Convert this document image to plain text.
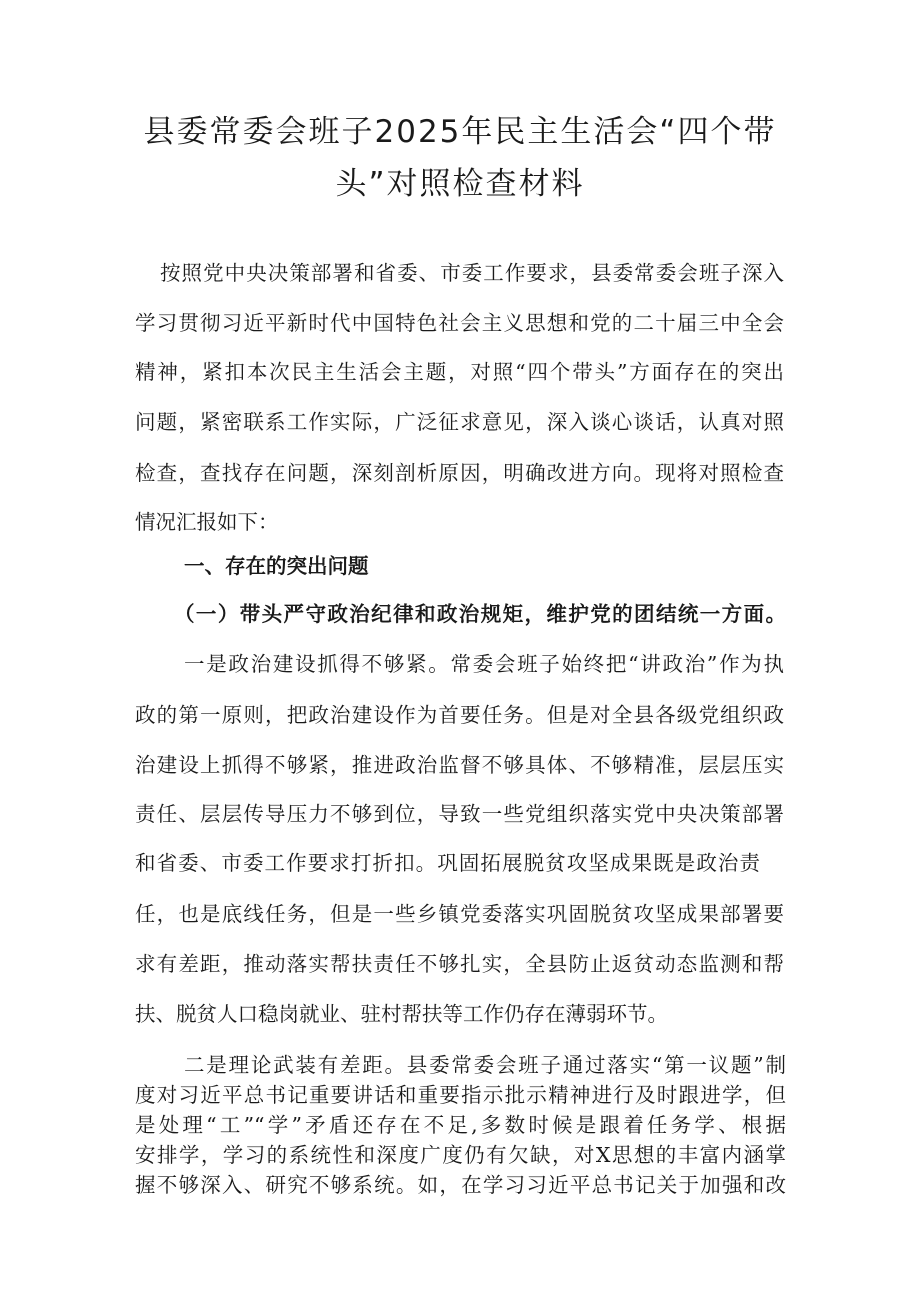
县委常委会班子2025年民主生活会“四个带
头”对照检查材料
按照党中央决策部署和省委、市委工作要求，县委常委会班子深入
学习贯彻习近平新时代中国特色社会主义思想和党的二十届三中全会
精神，紧扣本次民主生活会主题，对照“四个带头”方面存在的突出
问题，紧密联系工作实际，广泛征求意见，深入谈心谈话，认真对照
检查，查找存在问题，深刻剖析原因，明确改进方向。现将对照检查
情况汇报如下：
一、存在的突出问题
（一）带头严守政治纪律和政治规矩，维护党的团结统一方面。
一是政治建设抓得不够紧。常委会班子始终把“讲政治”作为执
政的第一原则，把政治建设作为首要任务。但是对全县各级党组织政
治建设上抓得不够紧，推进政治监督不够具体、不够精准，层层压实
责任、层层传导压力不够到位，导致一些党组织落实党中央决策部署
和省委、市委工作要求打折扣。巩固拓展脱贫攻坚成果既是政治责
任，也是底线任务，但是一些乡镇党委落实巩固脱贫攻坚成果部署要
求有差距，推动落实帮扶责任不够扎实，全县防止返贫动态监测和帮
扶、脱贫人口稳岗就业、驻村帮扶等工作仍存在薄弱环节。
二是理论武装有差距。县委常委会班子通过落实“第一议题”制
度对习近平总书记重要讲话和重要指示批示精神进行及时跟进学，但
是处理“工”“学”矛盾还存在不足,多数时候是跟着任务学、根据
安排学，学习的系统性和深度广度仍有欠缺，对X思想的丰富内涵掌
握不够深入、研究不够系统。如，在学习习近平总书记关于加强和改
